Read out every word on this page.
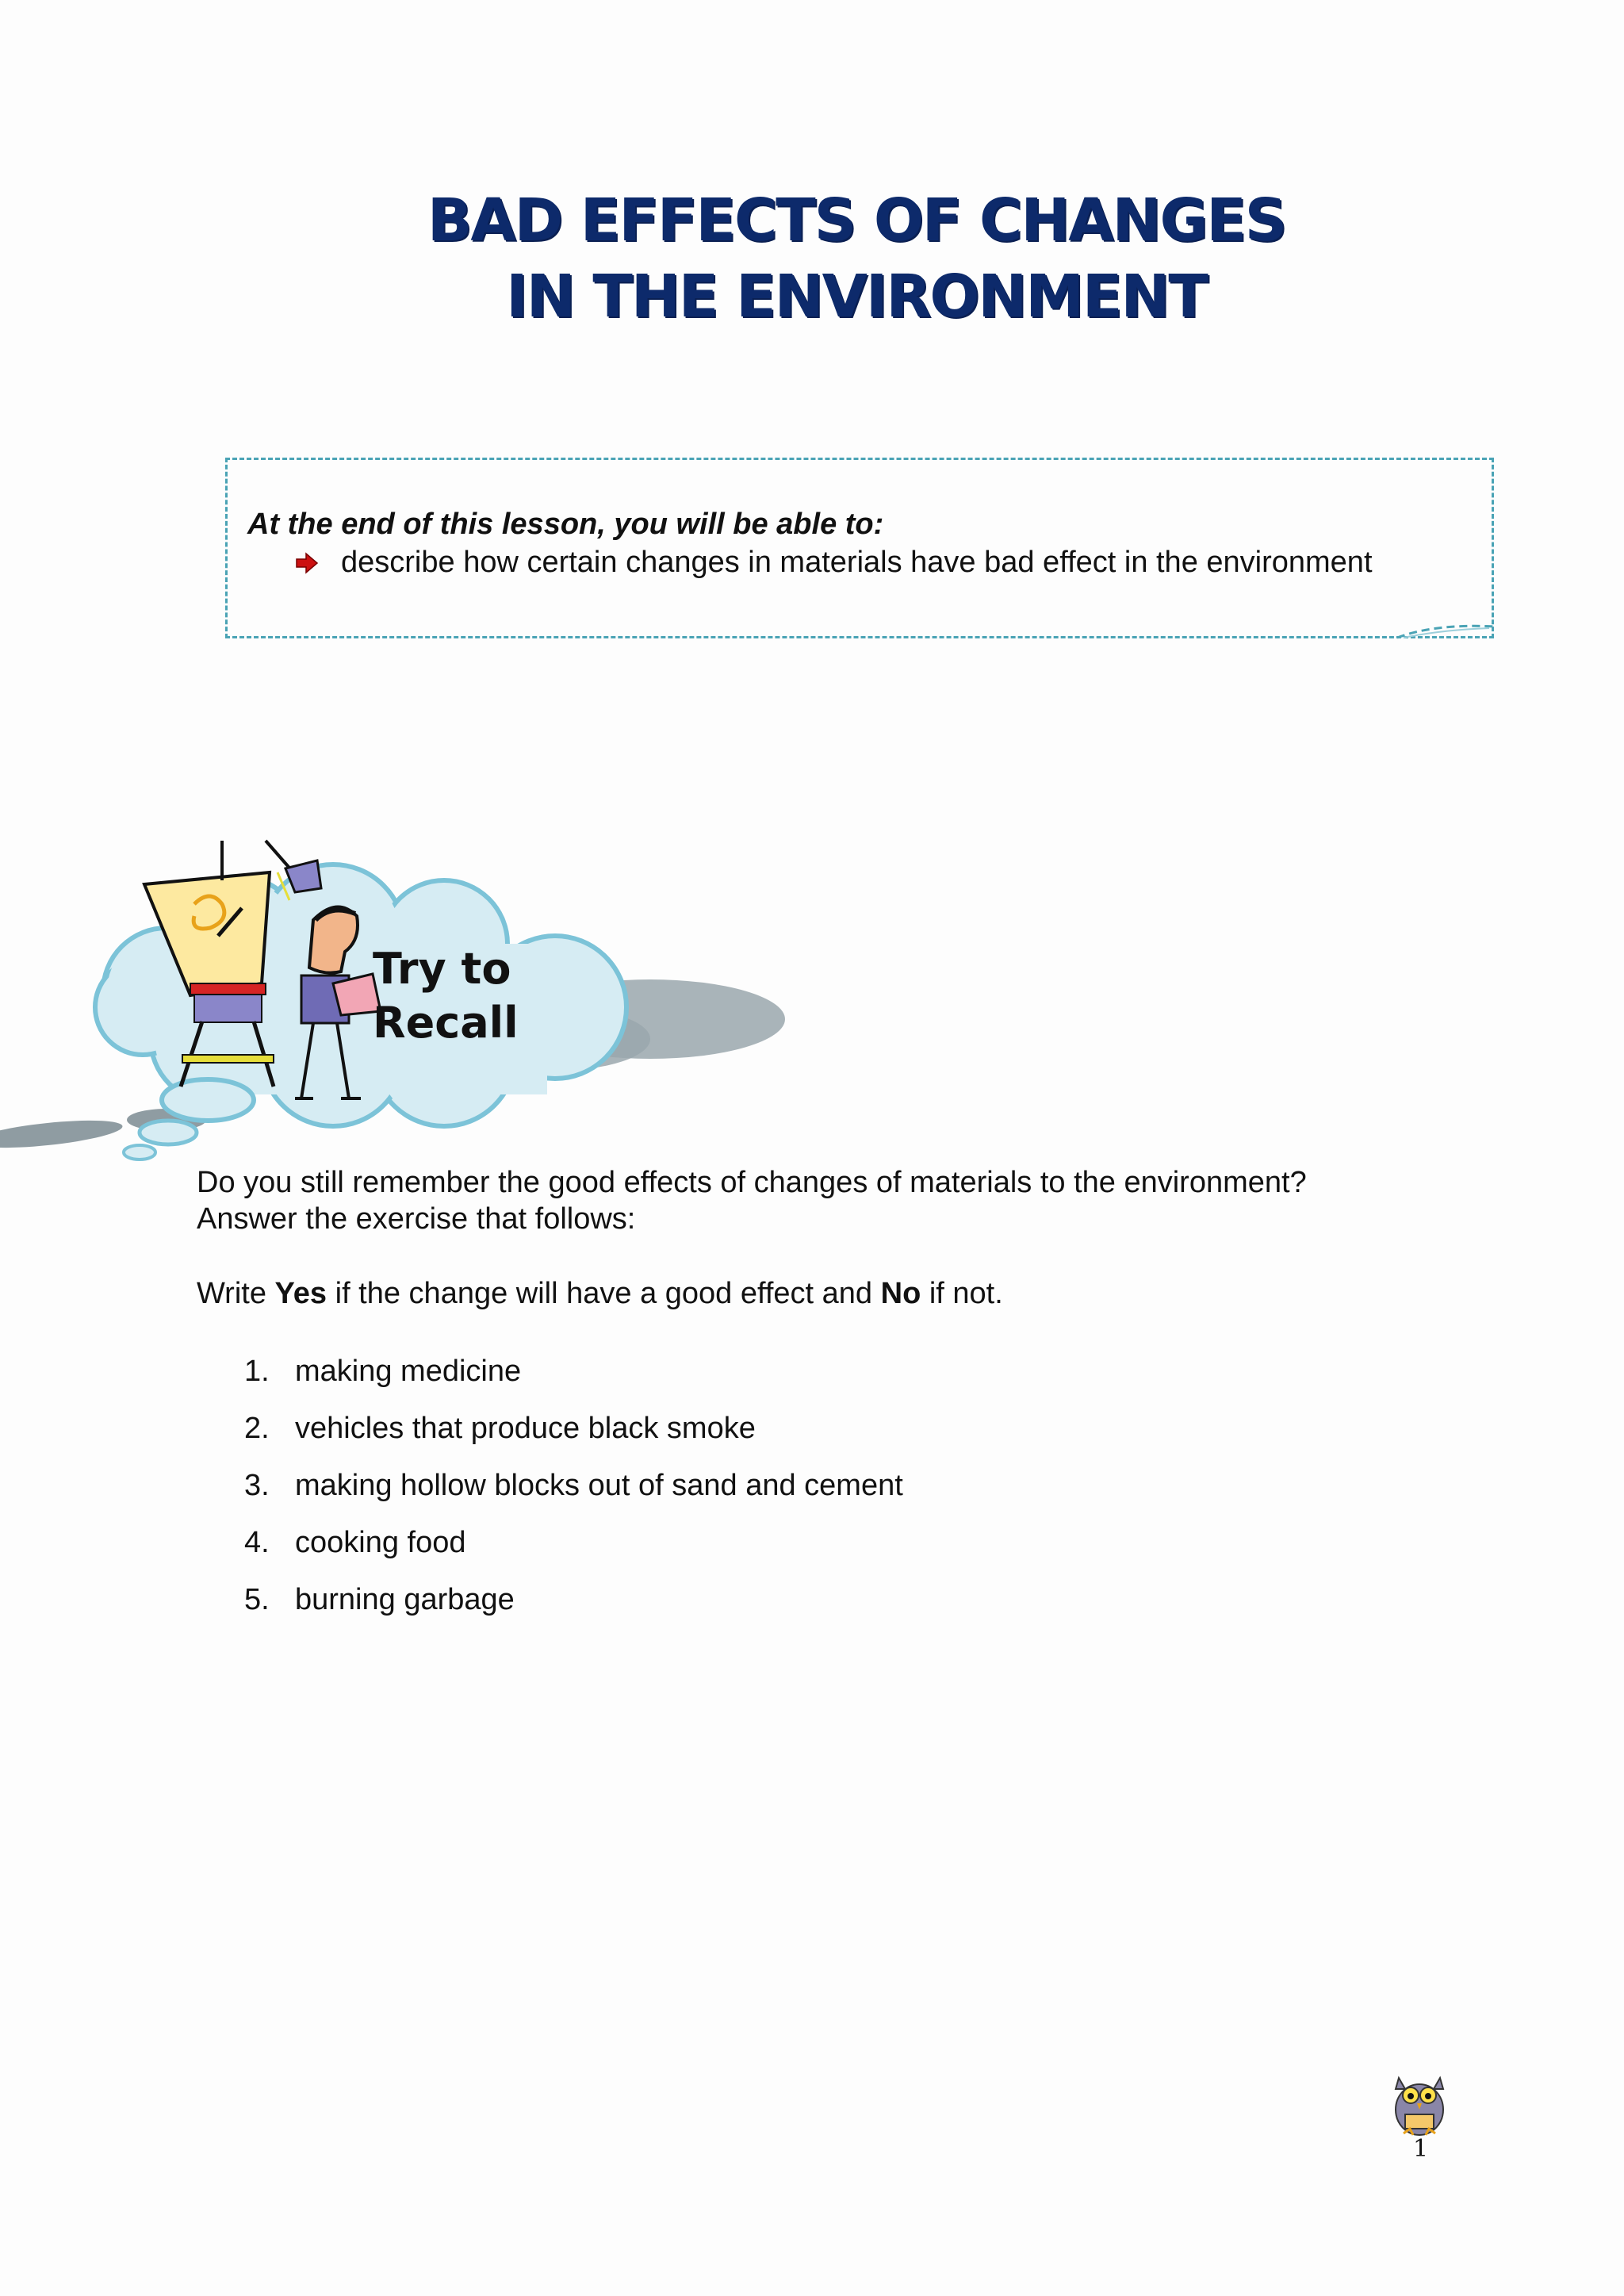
BAD EFFECTS OF CHANGES
IN THE ENVIRONMENT
At the end of this lesson, you will be able to:
describe how certain changes in materials have bad effect in the environment
Try to
Recall
Do you still remember the good effects of changes of materials to the environment?
Answer the exercise that follows:
Write Yes if the change will have a good effect and No if not.
1. making medicine
2. vehicles that produce black smoke
3. making hollow blocks out of sand and cement
4. cooking food
5. burning garbage
1
